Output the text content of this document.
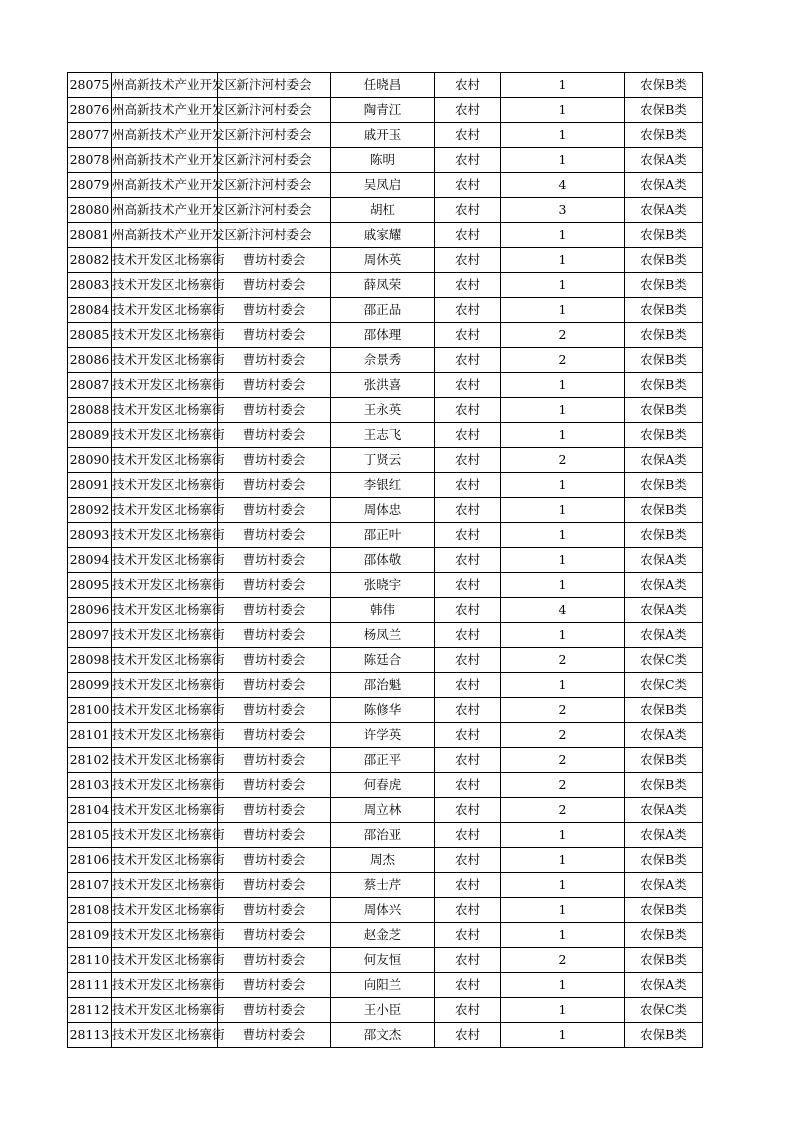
28075	州高新技术产业开发区	新汴河村委会	任晓昌	农村	1	农保B类	
28076	州高新技术产业开发区	新汴河村委会	陶青江	农村	1	农保B类	
28077	州高新技术产业开发区	新汴河村委会	戚开玉	农村	1	农保B类	
28078	州高新技术产业开发区	新汴河村委会	陈明	农村	1	农保A类	
28079	州高新技术产业开发区	新汴河村委会	吴凤启	农村	4	农保A类	
28080	州高新技术产业开发区	新汴河村委会	胡杠	农村	3	农保A类	
28081	州高新技术产业开发区	新汴河村委会	戚家耀	农村	1	农保B类	
28082	技术开发区北杨寨街	曹坊村委会	周休英	农村	1	农保B类	
28083	技术开发区北杨寨街	曹坊村委会	薛凤荣	农村	1	农保B类	
28084	技术开发区北杨寨街	曹坊村委会	邵正品	农村	1	农保B类	
28085	技术开发区北杨寨街	曹坊村委会	邵体理	农村	2	农保B类	
28086	技术开发区北杨寨街	曹坊村委会	佘景秀	农村	2	农保B类	
28087	技术开发区北杨寨街	曹坊村委会	张洪喜	农村	1	农保B类	
28088	技术开发区北杨寨街	曹坊村委会	王永英	农村	1	农保B类	
28089	技术开发区北杨寨街	曹坊村委会	王志飞	农村	1	农保B类	
28090	技术开发区北杨寨街	曹坊村委会	丁贤云	农村	2	农保A类	
28091	技术开发区北杨寨街	曹坊村委会	李银红	农村	1	农保B类	
28092	技术开发区北杨寨街	曹坊村委会	周体忠	农村	1	农保B类	
28093	技术开发区北杨寨街	曹坊村委会	邵正叶	农村	1	农保B类	
28094	技术开发区北杨寨街	曹坊村委会	邵体敬	农村	1	农保A类	
28095	技术开发区北杨寨街	曹坊村委会	张晓宇	农村	1	农保A类	
28096	技术开发区北杨寨街	曹坊村委会	韩伟	农村	4	农保A类	
28097	技术开发区北杨寨街	曹坊村委会	杨凤兰	农村	1	农保A类	
28098	技术开发区北杨寨街	曹坊村委会	陈廷合	农村	2	农保C类	
28099	技术开发区北杨寨街	曹坊村委会	邵治魁	农村	1	农保C类	
28100	技术开发区北杨寨街	曹坊村委会	陈修华	农村	2	农保B类	
28101	技术开发区北杨寨街	曹坊村委会	许学英	农村	2	农保A类	
28102	技术开发区北杨寨街	曹坊村委会	邵正平	农村	2	农保B类	
28103	技术开发区北杨寨街	曹坊村委会	何春虎	农村	2	农保B类	
28104	技术开发区北杨寨街	曹坊村委会	周立林	农村	2	农保A类	
28105	技术开发区北杨寨街	曹坊村委会	邵治亚	农村	1	农保A类	
28106	技术开发区北杨寨街	曹坊村委会	周杰	农村	1	农保B类	
28107	技术开发区北杨寨街	曹坊村委会	蔡士芹	农村	1	农保A类	
28108	技术开发区北杨寨街	曹坊村委会	周体兴	农村	1	农保B类	
28109	技术开发区北杨寨街	曹坊村委会	赵金芝	农村	1	农保B类	
28110	技术开发区北杨寨街	曹坊村委会	何友恒	农村	2	农保B类	
28111	技术开发区北杨寨街	曹坊村委会	向阳兰	农村	1	农保A类	
28112	技术开发区北杨寨街	曹坊村委会	王小臣	农村	1	农保C类	
28113	技术开发区北杨寨街	曹坊村委会	邵文杰	农村	1	农保B类	
